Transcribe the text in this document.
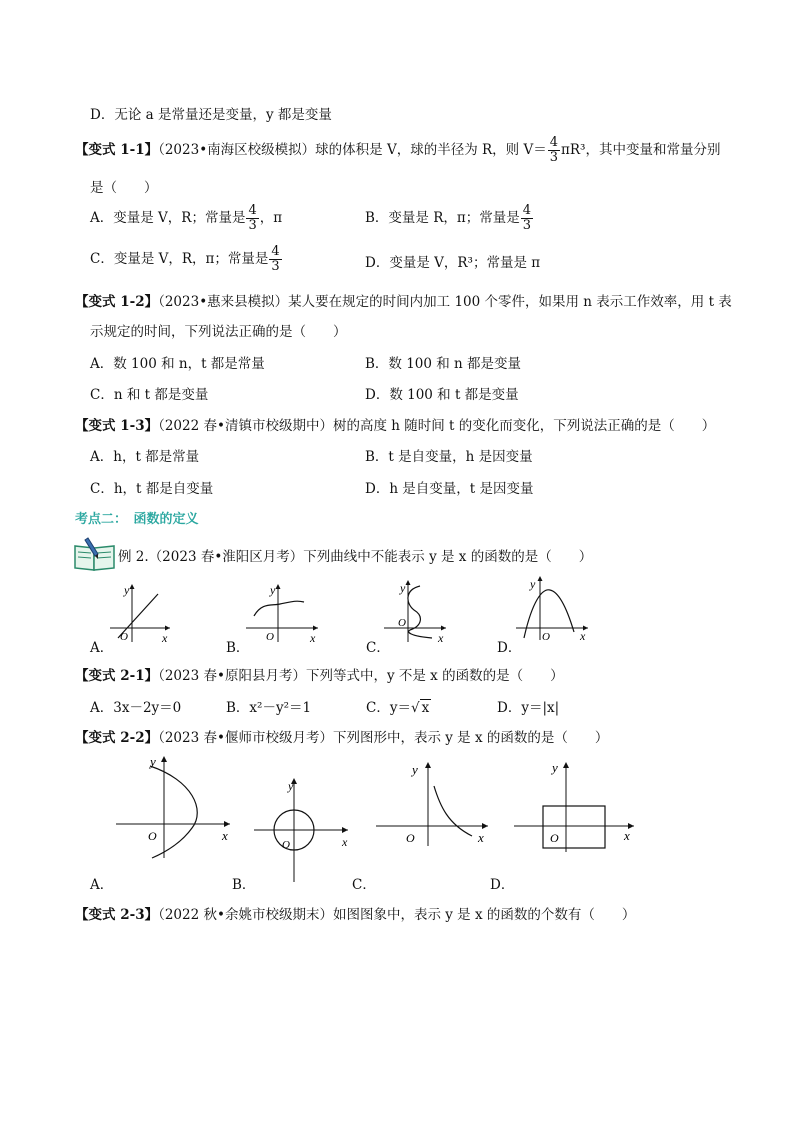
D．无论 a 是常量还是变量，y 都是变量
【变式 1-1】（2023•南海区校级模拟）球的体积是 V，球的半径为 R，则 $V= \frac{4}{3} \pi R^3$，其中变量和常量分别
是（　　）
A．变量是 V，R；常量是 $\frac{4}{3}$ ，π	B．变量是 R，π；常量是 $\frac{4}{3}$
C．变量是 V，R，π；常量是 $\frac{4}{3}$	D．变量是 V，R³；常量是 π
【变式 1-2】（2023•惠来县模拟）某人要在规定的时间内加工 100 个零件，如果用 n 表示工作效率，用 t 表
示规定的时间，下列说法正确的是（　　）
A．数 100 和 n，t 都是常量	B．数 100 和 n 都是变量
C．n 和 t 都是变量	D．数 100 和 t 都是变量
【变式 1-3】（2022 春•清镇市校级期中）树的高度 h 随时间 t 的变化而变化，下列说法正确的是（　　）
A．h，t 都是常量	B．t 是自变量，h 是因变量
C．h，t 都是自变量	D．h 是自变量，t 是因变量
考点二：　函数的定义
例 2.（2023 春•淮阳区月考）下列曲线中不能表示 y 是 x 的函数的是（　　）
A．
y
x
O
B．
y
x
O
C．
y
x
O
D．
y
x
O
【变式 2-1】（2023 春•原阳县月考）下列等式中，y 不是 x 的函数的是（　　）
A．3x－2y＝0	B．x²－y²＝1	C．y＝√ x	D．y＝|x|
【变式 2-2】（2023 春•偃师市校级月考）下列图形中，表示 y 是 x 的函数的是（　　）
A．
y
x
O
B．
y
x
O
C．
y
x
O
D．
y
x
O
【变式 2-3】（2022 秋•余姚市校级期末）如图图象中，表示 y 是 x 的函数的个数有（　　）
